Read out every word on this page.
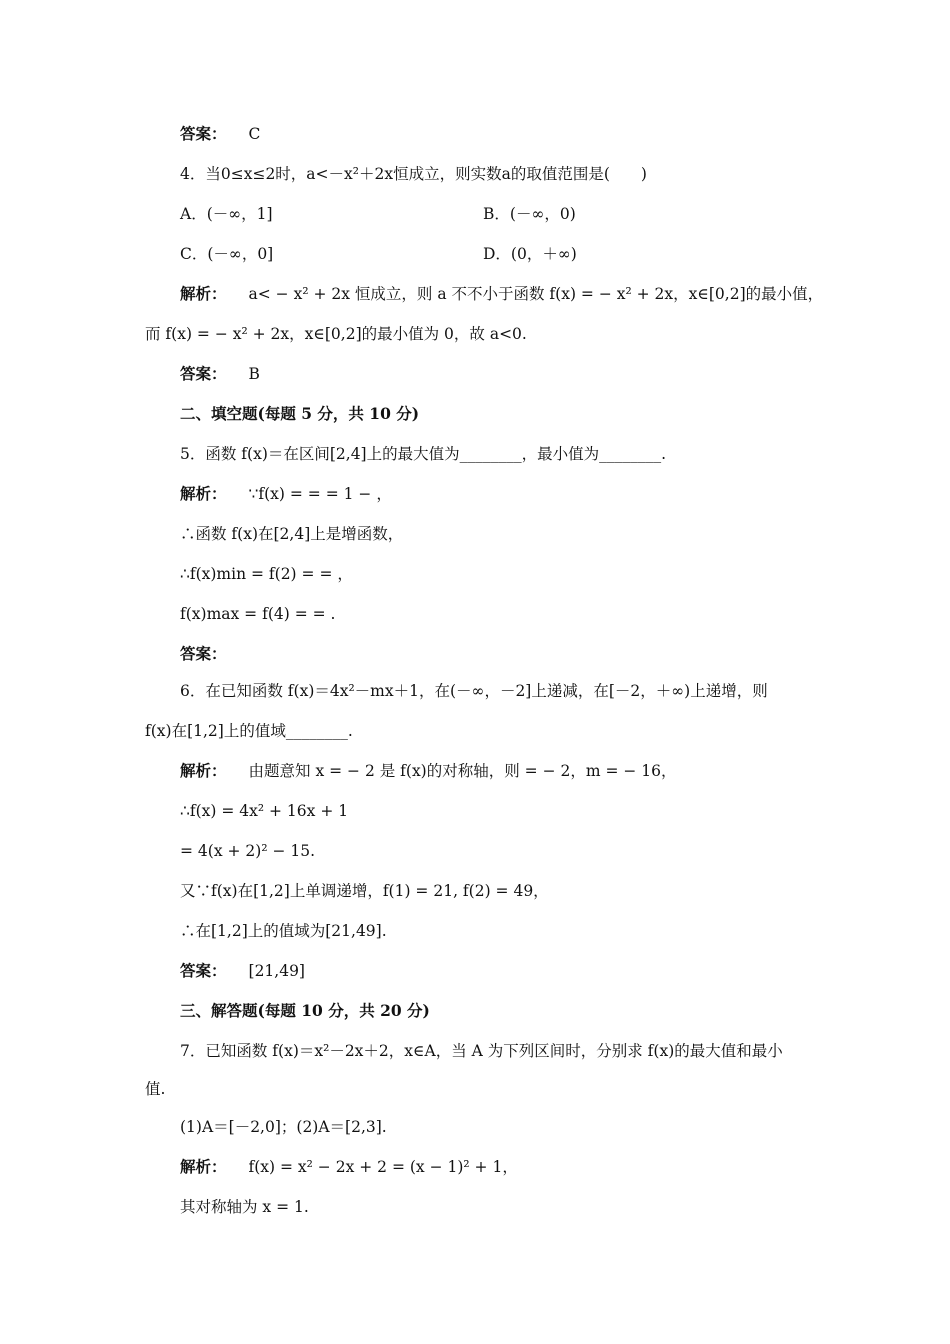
答案： C
4．当0≤x≤2时，a<－x²＋2x恒成立，则实数a的取值范围是(　　)
A．(－∞，1]	B．(－∞，0)
C．(－∞，0]	D．(0，＋∞)
解析： a< − x² + 2x 恒成立，则 a 不不小于函数 f(x) = − x² + 2x，x∈[0,2]的最小值，
而 f(x) = − x² + 2x，x∈[0,2]的最小值为 0，故 a<0.
答案： B
二、填空题(每题 5 分，共 10 分)
5．函数 f(x)＝在区间[2,4]上的最大值为________，最小值为________.
解析： ∵f(x) = = = 1 − ，
∴函数 f(x)在[2,4]上是增函数，
∴f(x)min = f(2) = = ，
f(x)max = f(4) = = .
答案：
6．在已知函数 f(x)＝4x²－mx＋1，在(－∞，－2]上递减，在[－2，＋∞)上递增，则
f(x)在[1,2]上的值域________.
解析： 由题意知 x = − 2 是 f(x)的对称轴，则 = − 2，m = − 16，
∴f(x) = 4x² + 16x + 1
= 4(x + 2)² − 15.
又∵f(x)在[1,2]上单调递增，f(1) = 21, f(2) = 49，
∴在[1,2]上的值域为[21,49].
答案： [21,49]
三、解答题(每题 10 分，共 20 分)
7．已知函数 f(x)＝x²－2x＋2，x∈A，当 A 为下列区间时，分别求 f(x)的最大值和最小
值.
(1)A＝[－2,0]；(2)A＝[2,3].
解析： f(x) = x² − 2x + 2 = (x − 1)² + 1，
其对称轴为 x = 1.
